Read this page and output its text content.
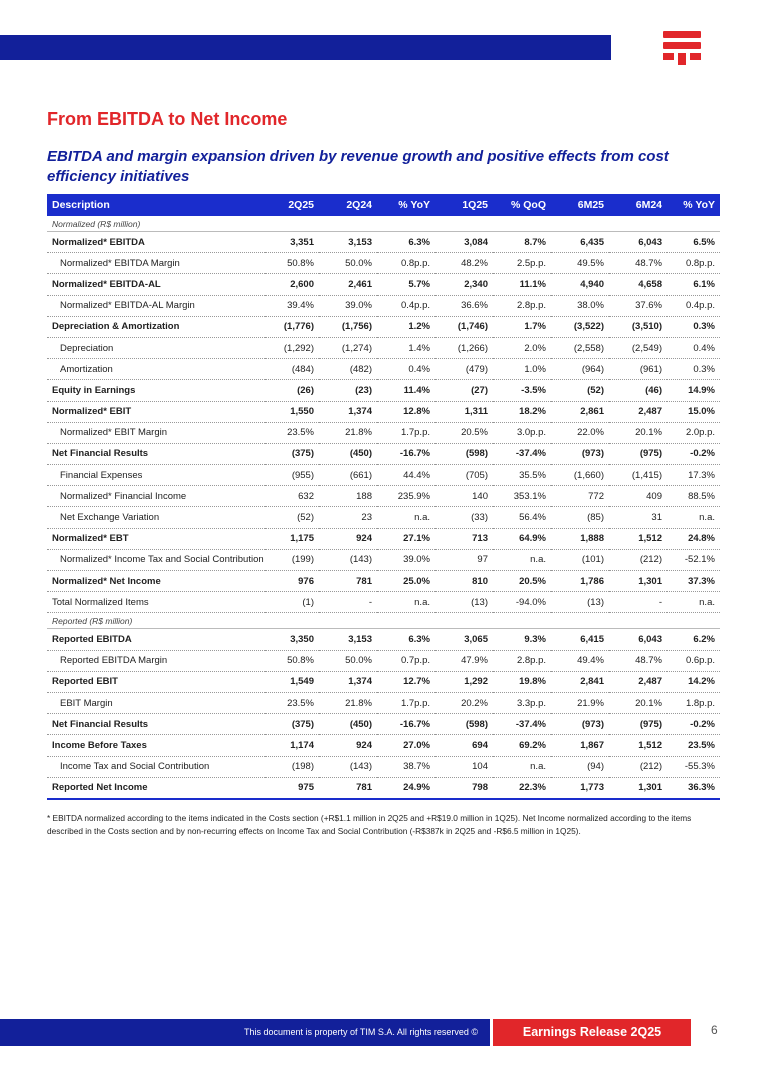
From EBITDA to Net Income
EBITDA and margin expansion driven by revenue growth and positive effects from cost efficiency initiatives
Description	2Q25	2Q24	% YoY	1Q25	% QoQ	6M25	6M24	% YoY
Normalized (R$ million)								
Normalized* EBITDA	3,351	3,153	6.3%	3,084	8.7%	6,435	6,043	6.5%
Normalized* EBITDA Margin	50.8%	50.0%	0.8p.p.	48.2%	2.5p.p.	49.5%	48.7%	0.8p.p.
Normalized* EBITDA-AL	2,600	2,461	5.7%	2,340	11.1%	4,940	4,658	6.1%
Normalized* EBITDA-AL Margin	39.4%	39.0%	0.4p.p.	36.6%	2.8p.p.	38.0%	37.6%	0.4p.p.
Depreciation & Amortization	(1,776)	(1,756)	1.2%	(1,746)	1.7%	(3,522)	(3,510)	0.3%
Depreciation	(1,292)	(1,274)	1.4%	(1,266)	2.0%	(2,558)	(2,549)	0.4%
Amortization	(484)	(482)	0.4%	(479)	1.0%	(964)	(961)	0.3%
Equity in Earnings	(26)	(23)	11.4%	(27)	-3.5%	(52)	(46)	14.9%
Normalized* EBIT	1,550	1,374	12.8%	1,311	18.2%	2,861	2,487	15.0%
Normalized* EBIT Margin	23.5%	21.8%	1.7p.p.	20.5%	3.0p.p.	22.0%	20.1%	2.0p.p.
Net Financial Results	(375)	(450)	-16.7%	(598)	-37.4%	(973)	(975)	-0.2%
Financial Expenses	(955)	(661)	44.4%	(705)	35.5%	(1,660)	(1,415)	17.3%
Normalized* Financial Income	632	188	235.9%	140	353.1%	772	409	88.5%
Net Exchange Variation	(52)	23	n.a.	(33)	56.4%	(85)	31	n.a.
Normalized* EBT	1,175	924	27.1%	713	64.9%	1,888	1,512	24.8%
Normalized* Income Tax and Social Contribution	(199)	(143)	39.0%	97	n.a.	(101)	(212)	-52.1%
Normalized* Net Income	976	781	25.0%	810	20.5%	1,786	1,301	37.3%
Total Normalized Items	(1)	-	n.a.	(13)	-94.0%	(13)	-	n.a.
Reported (R$ million)								
Reported EBITDA	3,350	3,153	6.3%	3,065	9.3%	6,415	6,043	6.2%
Reported EBITDA Margin	50.8%	50.0%	0.7p.p.	47.9%	2.8p.p.	49.4%	48.7%	0.6p.p.
Reported EBIT	1,549	1,374	12.7%	1,292	19.8%	2,841	2,487	14.2%
EBIT Margin	23.5%	21.8%	1.7p.p.	20.2%	3.3p.p.	21.9%	20.1%	1.8p.p.
Net Financial Results	(375)	(450)	-16.7%	(598)	-37.4%	(973)	(975)	-0.2%
Income Before Taxes	1,174	924	27.0%	694	69.2%	1,867	1,512	23.5%
Income Tax and Social Contribution	(198)	(143)	38.7%	104	n.a.	(94)	(212)	-55.3%
Reported Net Income	975	781	24.9%	798	22.3%	1,773	1,301	36.3%

* EBITDA normalized according to the items indicated in the Costs section (+R$1.1 million in 2Q25 and +R$19.0 million in 1Q25). Net Income normalized according to the items described in the Costs section and by non-recurring effects on Income Tax and Social Contribution (-R$387k in 2Q25 and -R$6.5 million in 1Q25).

This document is property of TIM S.A. All rights reserved ©	Earnings Release 2Q25	6
